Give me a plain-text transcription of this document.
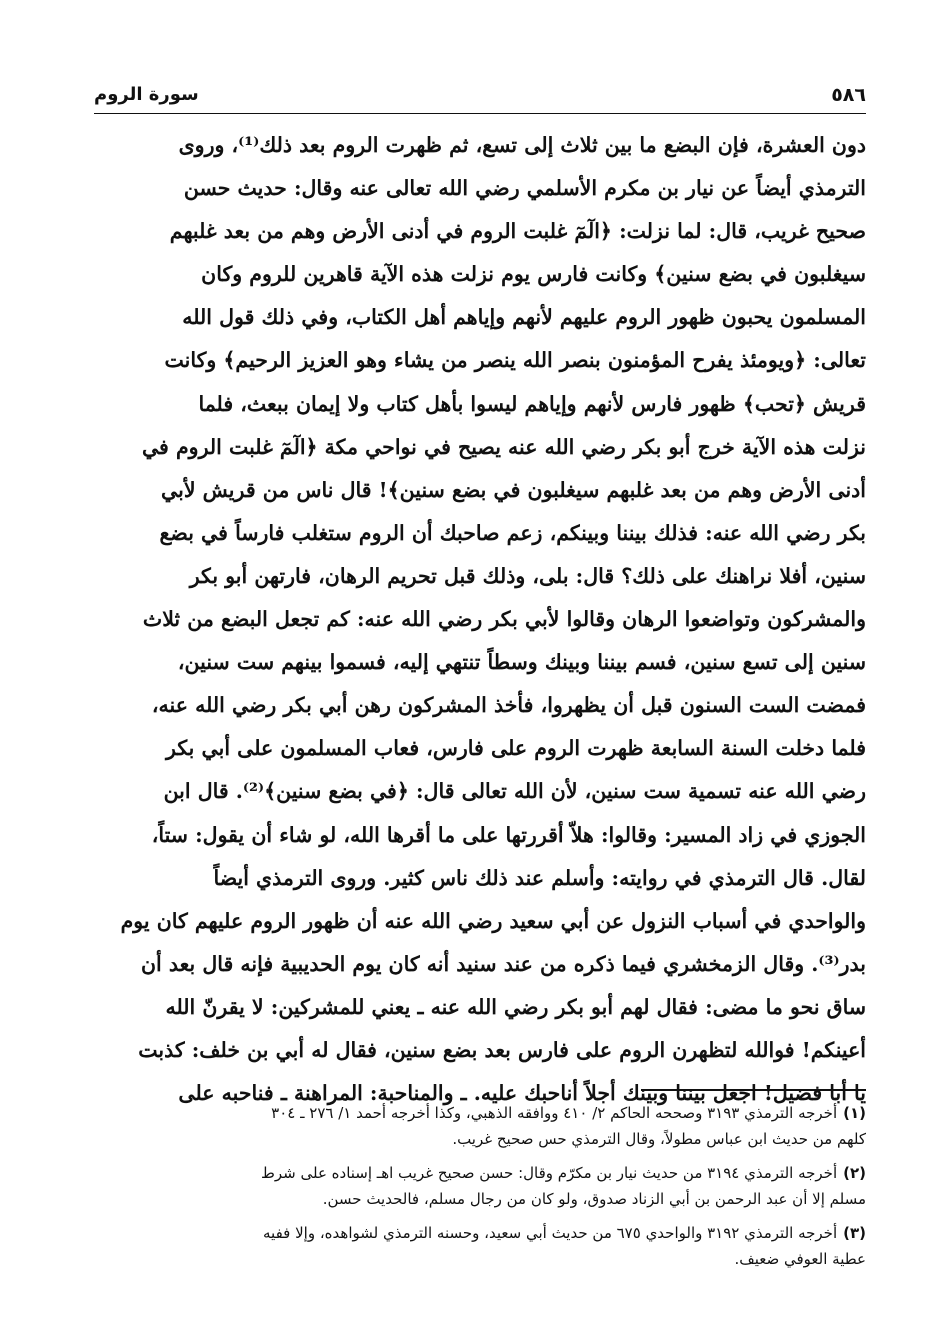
٥٨٦
سورة الروم
دون العشرة، فإن البضع ما بين ثلاث إلى تسع، ثم ظهرت الروم بعد ذلك⁽¹⁾، وروى
الترمذي أيضاً عن نيار بن مكرم الأسلمي رضي الله تعالى عنه وقال: حديث حسن
صحيح غريب، قال: لما نزلت: ﴿الٓمٓ غلبت الروم في أدنى الأرض وهم من بعد غلبهم
سيغلبون في بضع سنين﴾ وكانت فارس يوم نزلت هذه الآية قاهرين للروم وكان
المسلمون يحبون ظهور الروم عليهم لأنهم وإياهم أهل الكتاب، وفي ذلك قول الله
تعالى: ﴿ويومئذ يفرح المؤمنون بنصر الله ينصر من يشاء وهو العزيز الرحيم﴾ وكانت
قريش ﴿تحب﴾ ظهور فارس لأنهم وإياهم ليسوا بأهل كتاب ولا إيمان ببعث، فلما
نزلت هذه الآية خرج أبو بكر رضي الله عنه يصيح في نواحي مكة ﴿الٓمٓ غلبت الروم في
أدنى الأرض وهم من بعد غلبهم سيغلبون في بضع سنين﴾! قال ناس من قريش لأبي
بكر رضي الله عنه: فذلك بيننا وبينكم، زعم صاحبك أن الروم ستغلب فارساً في بضع
سنين، أفلا نراهنك على ذلك؟ قال: بلى، وذلك قبل تحريم الرهان، فارتهن أبو بكر
والمشركون وتواضعوا الرهان وقالوا لأبي بكر رضي الله عنه: كم تجعل البضع من ثلاث
سنين إلى تسع سنين، فسم بيننا وبينك وسطاً تنتهي إليه، فسموا بينهم ست سنين،
فمضت الست السنون قبل أن يظهروا، فأخذ المشركون رهن أبي بكر رضي الله عنه،
فلما دخلت السنة السابعة ظهرت الروم على فارس، فعاب المسلمون على أبي بكر
رضي الله عنه تسمية ست سنين، لأن الله تعالى قال: ﴿في بضع سنين﴾⁽²⁾. قال ابن
الجوزي في زاد المسير: وقالوا: هلاّ أقررتها على ما أقرها الله، لو شاء أن يقول: ستاً،
لقال. قال الترمذي في روايته: وأسلم عند ذلك ناس كثير. وروى الترمذي أيضاً
والواحدي في أسباب النزول عن أبي سعيد رضي الله عنه أن ظهور الروم عليهم كان يوم
بدر⁽³⁾. وقال الزمخشري فيما ذكره من عند سنيد أنه كان يوم الحديبية فإنه قال بعد أن
ساق نحو ما مضى: فقال لهم أبو بكر رضي الله عنه ـ يعني للمشركين: لا يقرنّ الله
أعينكم! فوالله لتظهرن الروم على فارس بعد بضع سنين، فقال له أبي بن خلف: كذبت
يا أبا فضيل! اجعل بيننا وبينك أجلاً أناحبك عليه. ـ والمناحبة: المراهنة ـ فناحبه على
(١)أخرجه الترمذي ٣١٩٣ وصححه الحاكم ٢/ ٤١٠ ووافقه الذهبي، وكذا أخرجه أحمد ١/ ٢٧٦ ـ ٣٠٤
كلهم من حديث ابن عباس مطولاً، وقال الترمذي حس صحيح غريب.
(٢)أخرجه الترمذي ٣١٩٤ من حديث نيار بن مكرّم وقال: حسن صحيح غريب اهـ إسناده على شرط
مسلم إلا أن عبد الرحمن بن أبي الزناد صدوق، ولو كان من رجال مسلم، فالحديث حسن.
(٣)أخرجه الترمذي ٣١٩٢ والواحدي ٦٧٥ من حديث أبي سعيد، وحسنه الترمذي لشواهده، وإلا ففيه
عطية العوفي ضعيف.
